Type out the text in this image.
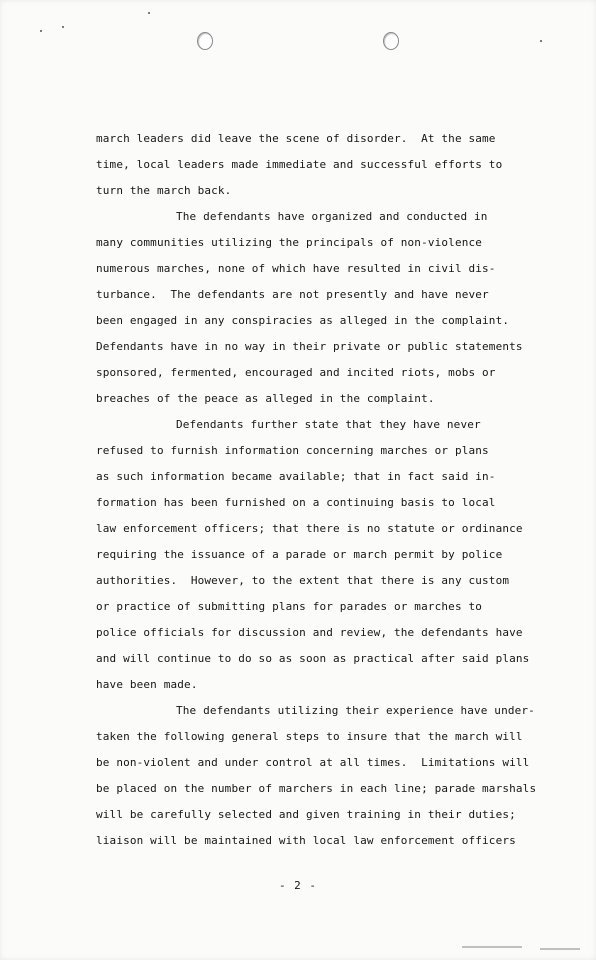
march leaders did leave the scene of disorder.  At the same
time, local leaders made immediate and successful efforts to
turn the march back.
The defendants have organized and conducted in
many communities utilizing the principals of non-violence
numerous marches, none of which have resulted in civil dis-
turbance.  The defendants are not presently and have never
been engaged in any conspiracies as alleged in the complaint.
Defendants have in no way in their private or public statements
sponsored, fermented, encouraged and incited riots, mobs or
breaches of the peace as alleged in the complaint.
Defendants further state that they have never
refused to furnish information concerning marches or plans
as such information became available; that in fact said in-
formation has been furnished on a continuing basis to local
law enforcement officers; that there is no statute or ordinance
requiring the issuance of a parade or march permit by police
authorities.  However, to the extent that there is any custom
or practice of submitting plans for parades or marches to
police officials for discussion and review, the defendants have
and will continue to do so as soon as practical after said plans
have been made.
The defendants utilizing their experience have under-
taken the following general steps to insure that the march will
be non-violent and under control at all times.  Limitations will
be placed on the number of marchers in each line; parade marshals
will be carefully selected and given training in their duties;
liaison will be maintained with local law enforcement officers
- 2 -
